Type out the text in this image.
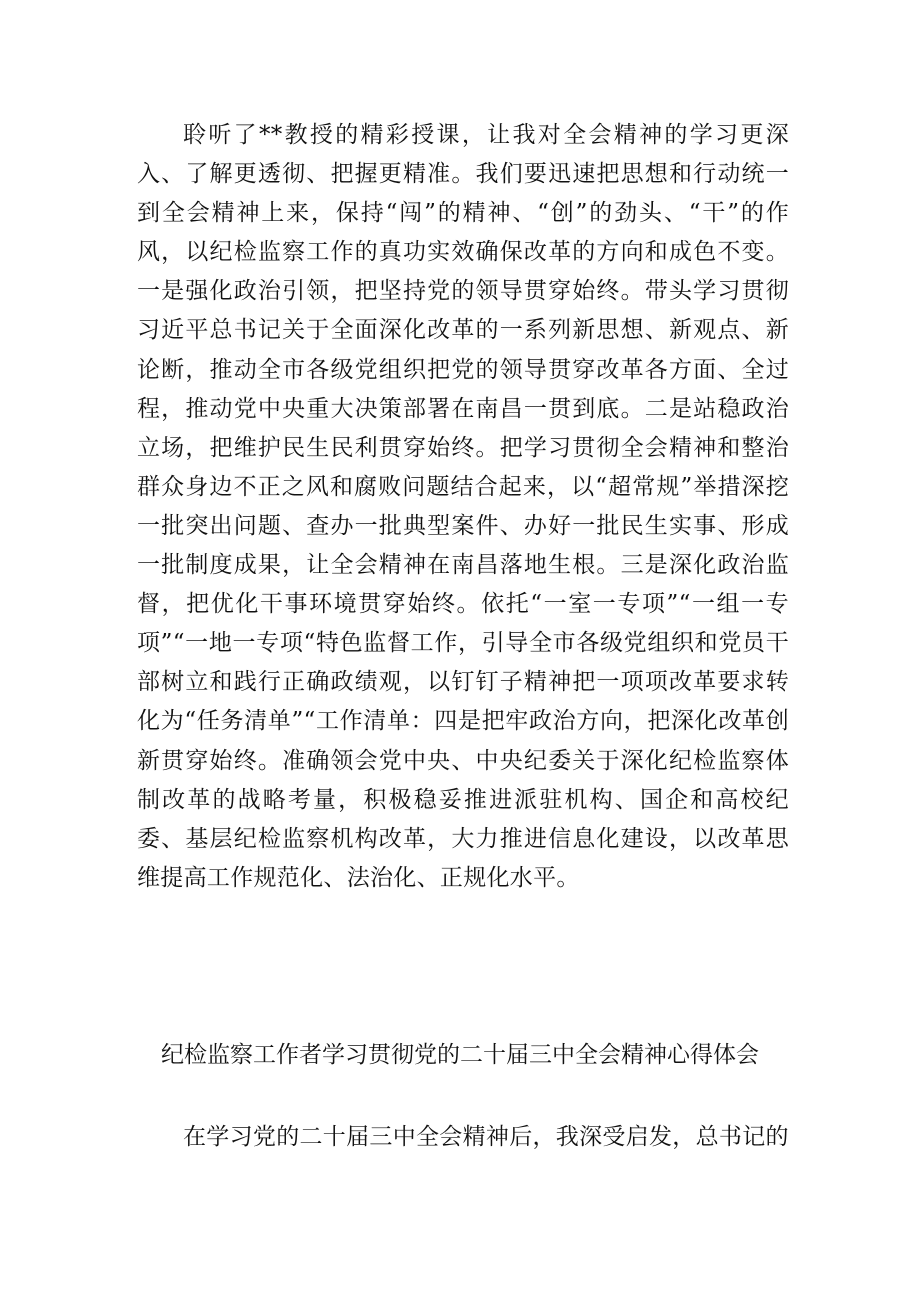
聆听了**教授的精彩授课，让我对全会精神的学习更深入、了解更透彻、把握更精准。我们要迅速把思想和行动统一到全会精神上来，保持“闯”的精神、“创”的劲头、“干”的作风，以纪检监察工作的真功实效确保改革的方向和成色不变。一是强化政治引领，把坚持党的领导贯穿始终。带头学习贯彻习近平总书记关于全面深化改革的一系列新思想、新观点、新论断，推动全市各级党组织把党的领导贯穿改革各方面、全过程，推动党中央重大决策部署在南昌一贯到底。二是站稳政治立场，把维护民生民利贯穿始终。把学习贯彻全会精神和整治群众身边不正之风和腐败问题结合起来，以“超常规”举措深挖一批突出问题、查办一批典型案件、办好一批民生实事、形成一批制度成果，让全会精神在南昌落地生根。三是深化政治监督，把优化干事环境贯穿始终。依托“一室一专项”“一组一专项”“一地一专项“特色监督工作，引导全市各级党组织和党员干部树立和践行正确政绩观，以钉钉子精神把一项项改革要求转化为“任务清单”“工作清单：四是把牢政治方向，把深化改革创新贯穿始终。准确领会党中央、中央纪委关于深化纪检监察体制改革的战略考量，积极稳妥推进派驻机构、国企和高校纪委、基层纪检监察机构改革，大力推进信息化建设，以改革思维提高工作规范化、法治化、正规化水平。

纪检监察工作者学习贯彻党的二十届三中全会精神心得体会

在学习党的二十届三中全会精神后，我深受启发，总书记的
